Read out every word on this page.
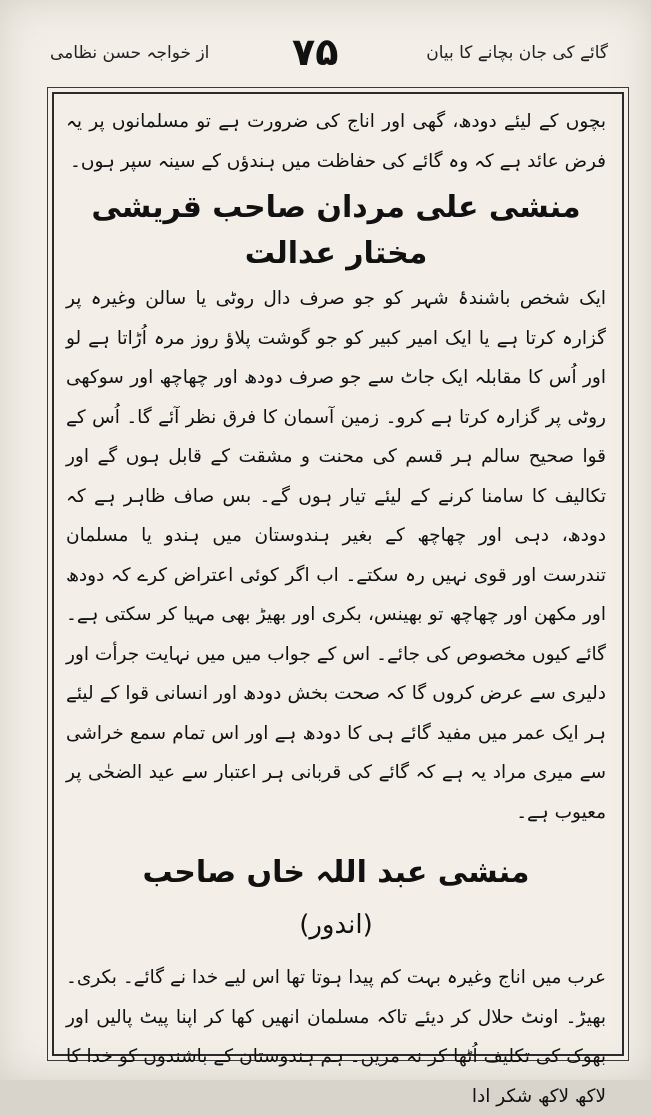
از خواجہ حسن نظامی ۷۵	گائے کی جان بچانے کا بیان

بچوں کے لیئے دودھ، گھی اور اناج کی ضرورت ہے تو مسلمانوں پر یہ فرض عائد ہے کہ وہ گائے کی حفاظت میں ہندؤں کے سینہ سپر ہوں۔

منشی علی مردان صاحب قریشی مختار عدالت

ایک شخص باشندۂ شہر کو جو صرف دال روٹی یا سالن وغیرہ پر گزارہ کرتا ہے یا ایک امیر کبیر کو جو گوشت پلاؤ روز مرہ اُڑاتا ہے لو اور اُس کا مقابلہ ایک جاٹ سے جو صرف دودھ اور چھاچھ اور سوکھی روٹی پر گزارہ کرتا ہے کرو۔ زمین آسمان کا فرق نظر آئے گا۔ اُس کے قوا صحیح سالم ہر قسم کی محنت و مشقت کے قابل ہوں گے اور تکالیف کا سامنا کرنے کے لیئے تیار ہوں گے۔ بس صاف ظاہر ہے کہ دودھ، دہی اور چھاچھ کے بغیر ہندوستان میں ہندو یا مسلمان تندرست اور قوی نہیں رہ سکتے۔ اب اگر کوئی اعتراض کرے کہ دودھ اور مکھن اور چھاچھ تو بھینس، بکری اور بھیڑ بھی مہیا کر سکتی ہے۔ گائے کیوں مخصوص کی جائے۔ اس کے جواب میں میں نہایت جرأت اور دلیری سے عرض کروں گا کہ صحت بخش دودھ اور انسانی قوا کے لیئے ہر ایک عمر میں مفید گائے ہی کا دودھ ہے اور اس تمام سمع خراشی سے میری مراد یہ ہے کہ گائے کی قربانی ہر اعتبار سے عید الضحٰی پر معیوب ہے۔

منشی عبد اللہ خاں صاحب
(اندور)

عرب میں اناج وغیرہ بہت کم پیدا ہوتا تھا اس لیے خدا نے گائے۔ بکری۔ بھیڑ۔ اونٹ حلال کر دیئے تاکہ مسلمان انھیں کھا کر اپنا پیٹ پالیں اور بھوک کی تکلیف اُٹھا کر نہ مریں۔ ہم ہندوستان کے باشندوں کو خدا کا لاکھ لاکھ شکر ادا
